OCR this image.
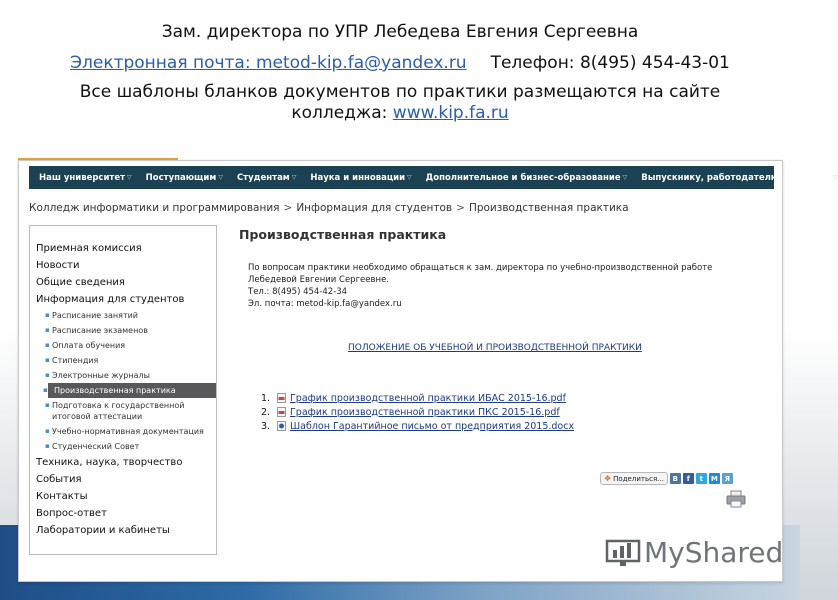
Зам. директора по УПР Лебедева Евгения Сергеевна
Электронная почта: metod-kip.fa@yandex.ru Телефон: 8(495) 454-43-01
Все шаблоны бланков документов по практики размещаются на сайте колледжа: www.kip.fa.ru
Наш университет ▽ Поступающим ▽ Студентам ▽ Наука и инновации ▽ Дополнительное и бизнес-образование ▽ Выпускнику, работодателю, партнёру ▽
Колледж информатики и программирования > Информация для студентов > Производственная практика
Приемная комиссия
Новости
Общие сведения
Информация для студентов
▪ Расписание занятий
▪ Расписание экзаменов
▪ Оплата обучения
▪ Стипендия
▪ Электронные журналы
▪ Производственная практика
▪ Подготовка к государственной итоговой аттестации
▪ Учебно-нормативная документация
▪ Студенческий Совет
Техника, наука, творчество
События
Контакты
Вопрос-ответ
Лаборатории и кабинеты
Производственная практика
По вопросам практики необходимо обращаться к зам. директора по учебно-производственной работе
Лебедевой Евгении Сергеевне.
Тел.: 8(495) 454-42-34
Эл. почта: metod-kip.fa@yandex.ru
ПОЛОЖЕНИЕ ОБ УЧЕБНОЙ И ПРОИЗВОДСТВЕННОЙ ПРАКТИКИ
1.	График производственной практики ИБАС 2015-16.pdf
2.	График производственной практики ПКС 2015-16.pdf
3.	Шаблон Гарантийное письмо от предприятия 2015.docx
❖ Поделиться...	В	f	t	M Я
MyShared
